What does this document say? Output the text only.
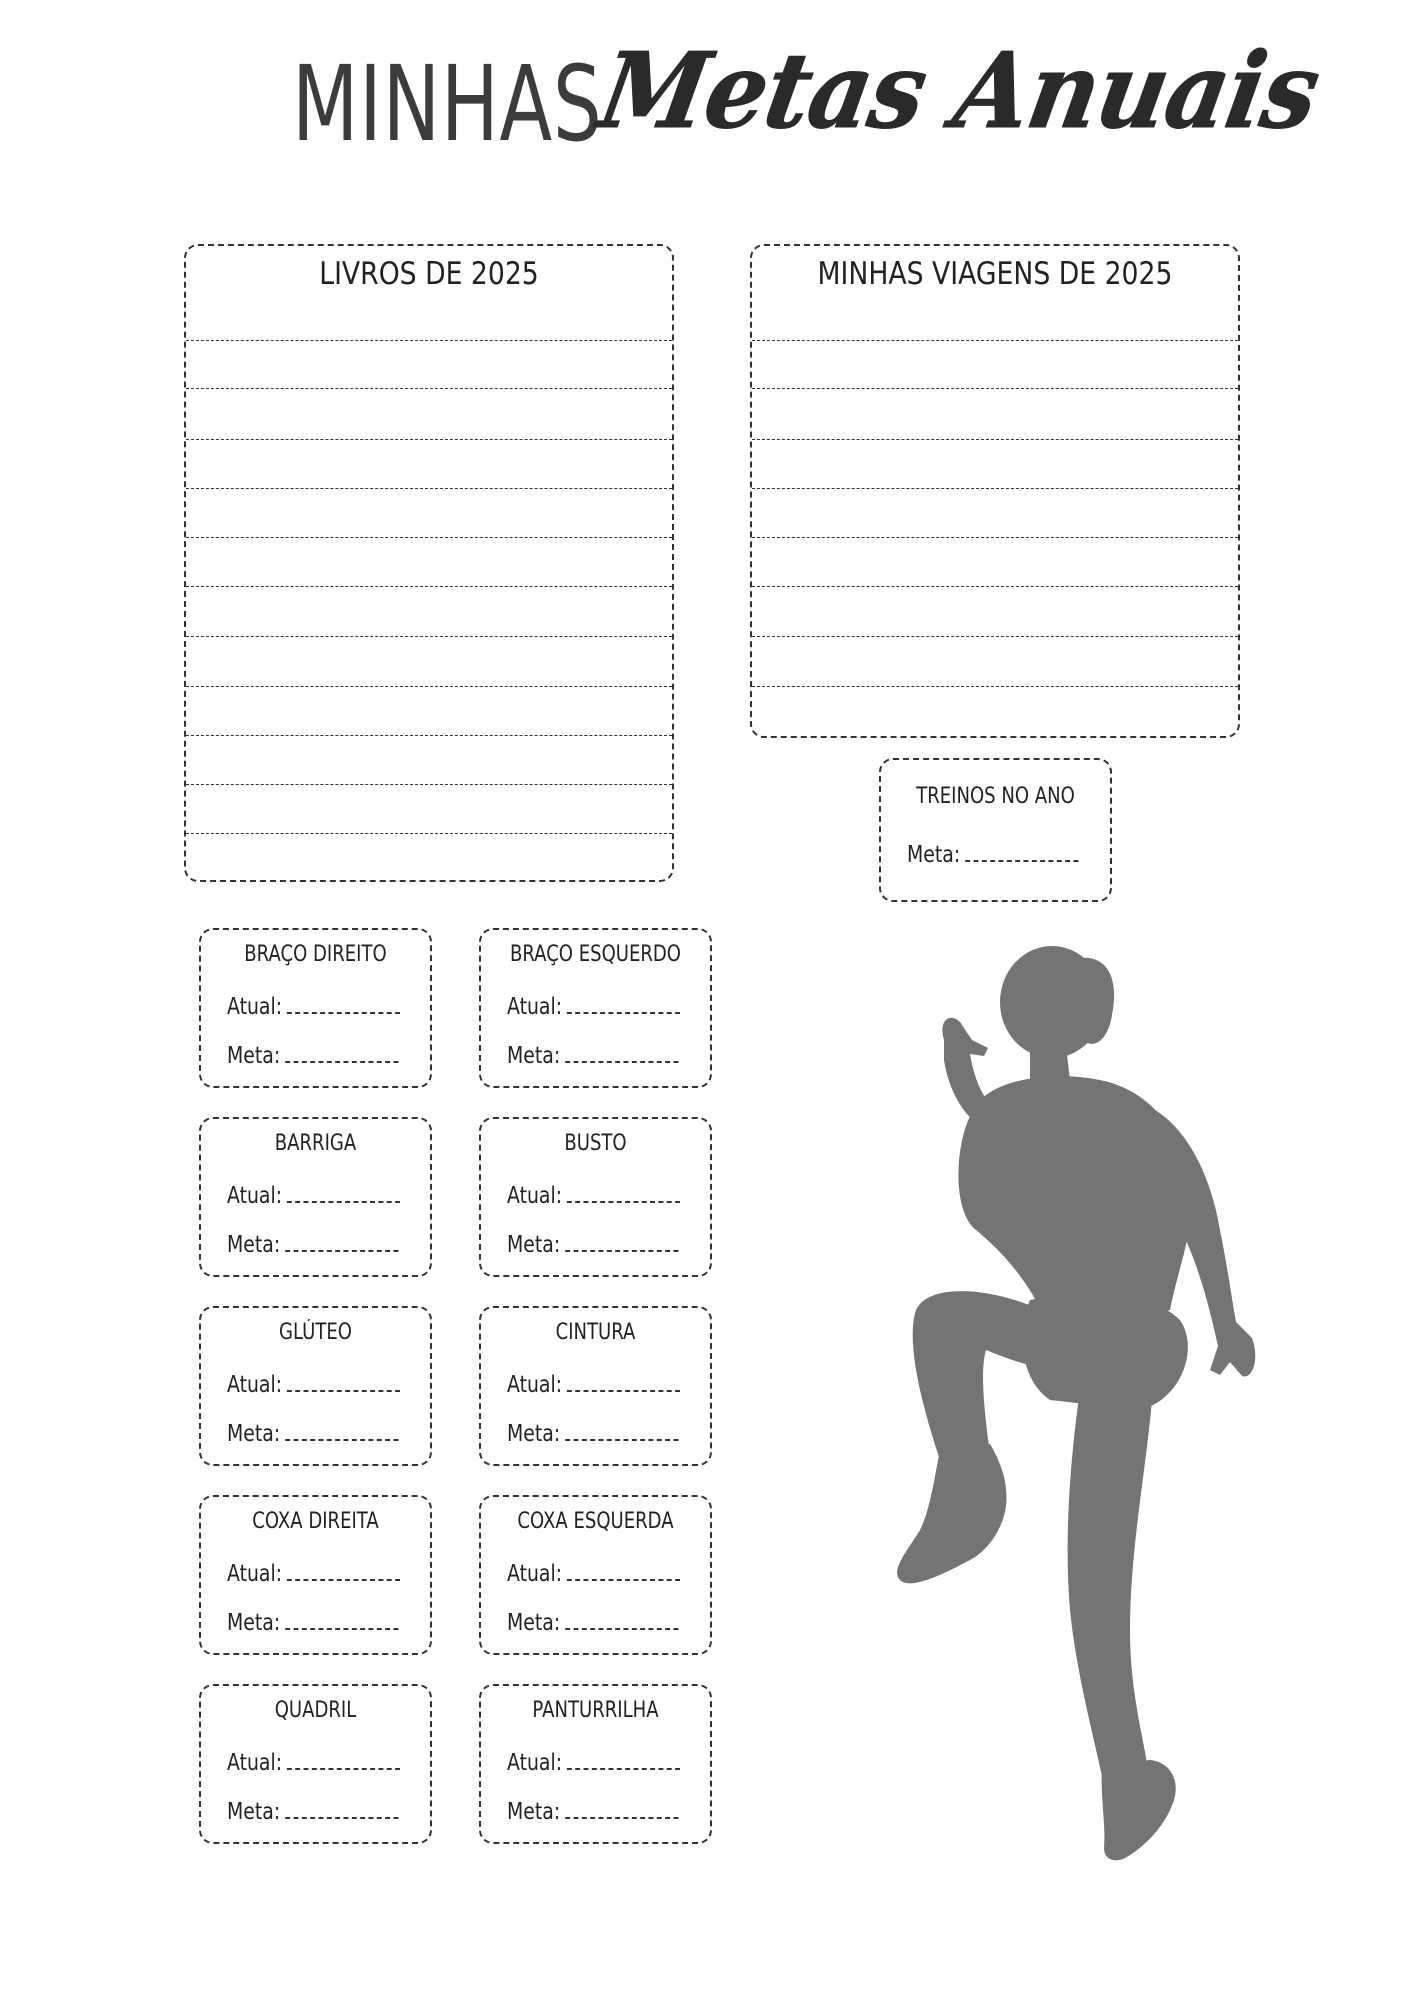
MINHAS
Metas Anuais
LIVROS DE 2025	MINHAS VIAGENS DE 2025
TREINOS NO ANO
Meta:
BRAÇO DIREITO
Atual:
Meta:
BRAÇO ESQUERDO
Atual:
Meta:
BARRIGA
Atual:
Meta:
BUSTO
Atual:
Meta:
GLÚTEO
Atual:
Meta:
CINTURA
Atual:
Meta:
COXA DIREITA
Atual:
Meta:
COXA ESQUERDA
Atual:
Meta:
QUADRIL
Atual:
Meta:
PANTURRILHA
Atual:
Meta:
